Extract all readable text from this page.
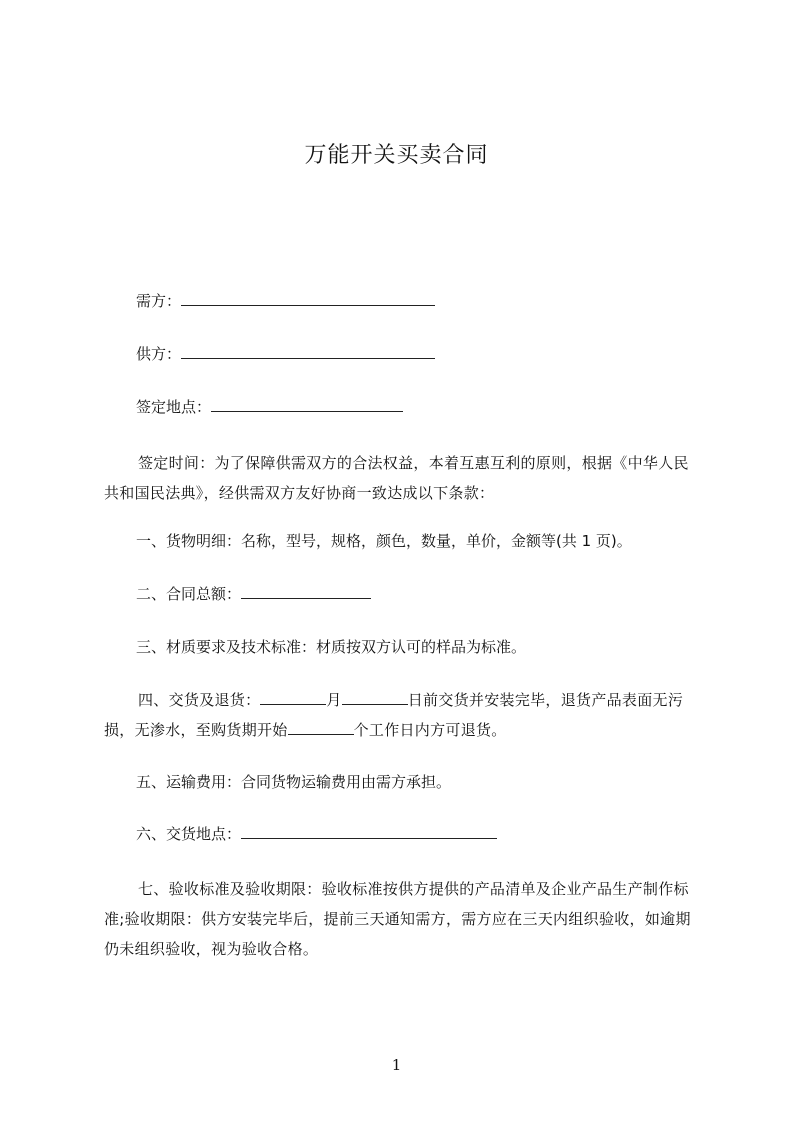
万能开关买卖合同
需方：
供方：
签定地点：
签定时间：为了保障供需双方的合法权益，本着互惠互利的原则，根据《中华人民共和国民法典》，经供需双方友好协商一致达成以下条款：
一、货物明细：名称，型号，规格，颜色，数量，单价，金额等(共 1 页)。
二、合同总额：
三、材质要求及技术标准：材质按双方认可的样品为标准。
四、交货及退货：	月	日前交货并安装完毕，退货产品表面无污损，无渗水，至购货期开始	个工作日内方可退货。
五、运输费用：合同货物运输费用由需方承担。
六、交货地点：
七、验收标准及验收期限：验收标准按供方提供的产品清单及企业产品生产制作标准;验收期限：供方安装完毕后，提前三天通知需方，需方应在三天内组织验收，如逾期仍未组织验收，视为验收合格。
1
